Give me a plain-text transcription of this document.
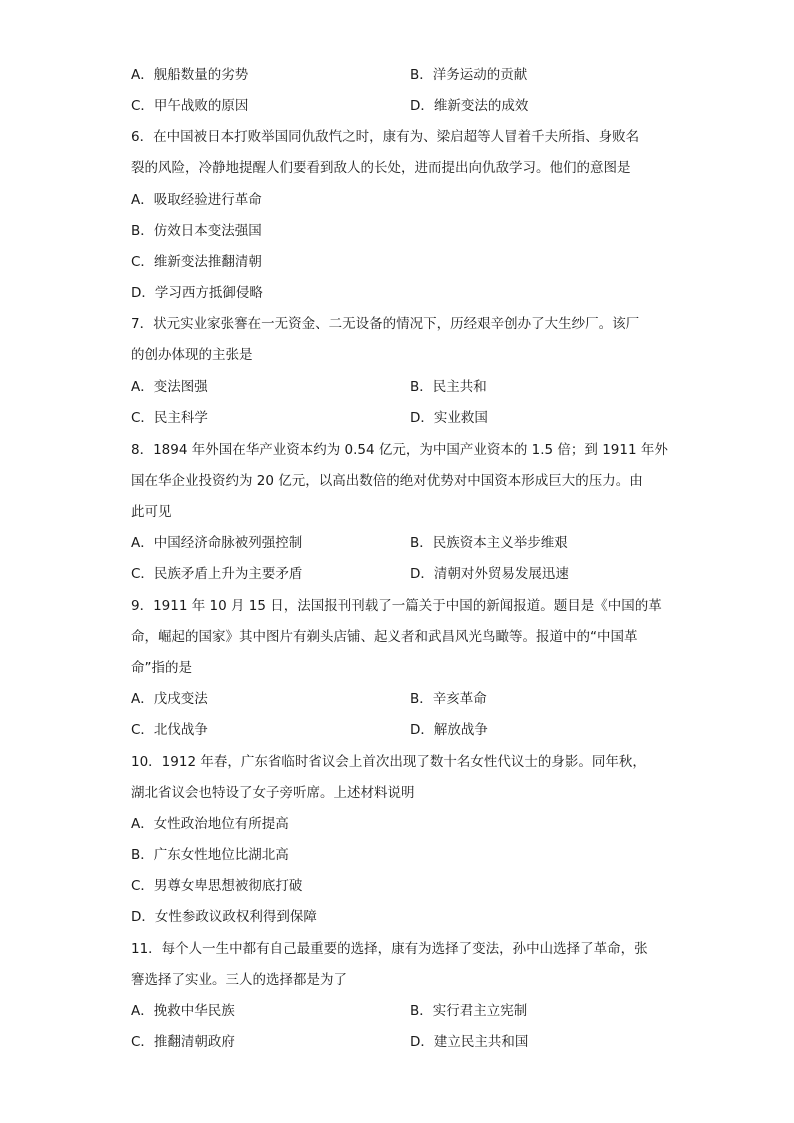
A．舰船数量的劣势	B．洋务运动的贡献
C．甲午战败的原因	D．维新变法的成效
6．在中国被日本打败举国同仇敌忾之时，康有为、梁启超等人冒着千夫所指、身败名
裂的风险，冷静地提醒人们要看到敌人的长处，进而提出向仇敌学习。他们的意图是
A．吸取经验进行革命
B．仿效日本变法强国
C．维新变法推翻清朝
D．学习西方抵御侵略
7．状元实业家张謇在一无资金、二无设备的情况下，历经艰辛创办了大生纱厂。该厂
的创办体现的主张是
A．变法图强	B．民主共和
C．民主科学	D．实业救国
8．1894 年外国在华产业资本约为 0.54 亿元，为中国产业资本的 1.5 倍；到 1911 年外
国在华企业投资约为 20 亿元，以高出数倍的绝对优势对中国资本形成巨大的压力。由
此可见
A．中国经济命脉被列强控制	B．民族资本主义举步维艰
C．民族矛盾上升为主要矛盾	D．清朝对外贸易发展迅速
9．1911 年 10 月 15 日，法国报刊刊载了一篇关于中国的新闻报道。题目是《中国的革
命，崛起的国家》其中图片有剃头店铺、起义者和武昌风光鸟瞰等。报道中的“中国革
命”指的是
A．戊戌变法	B．辛亥革命
C．北伐战争	D．解放战争
10．1912 年春，广东省临时省议会上首次出现了数十名女性代议士的身影。同年秋，
湖北省议会也特设了女子旁听席。上述材料说明
A．女性政治地位有所提高
B．广东女性地位比湖北高
C．男尊女卑思想被彻底打破
D．女性参政议政权利得到保障
11．每个人一生中都有自己最重要的选择，康有为选择了变法，孙中山选择了革命，张
謇选择了实业。三人的选择都是为了
A．挽救中华民族	B．实行君主立宪制
C．推翻清朝政府	D．建立民主共和国
